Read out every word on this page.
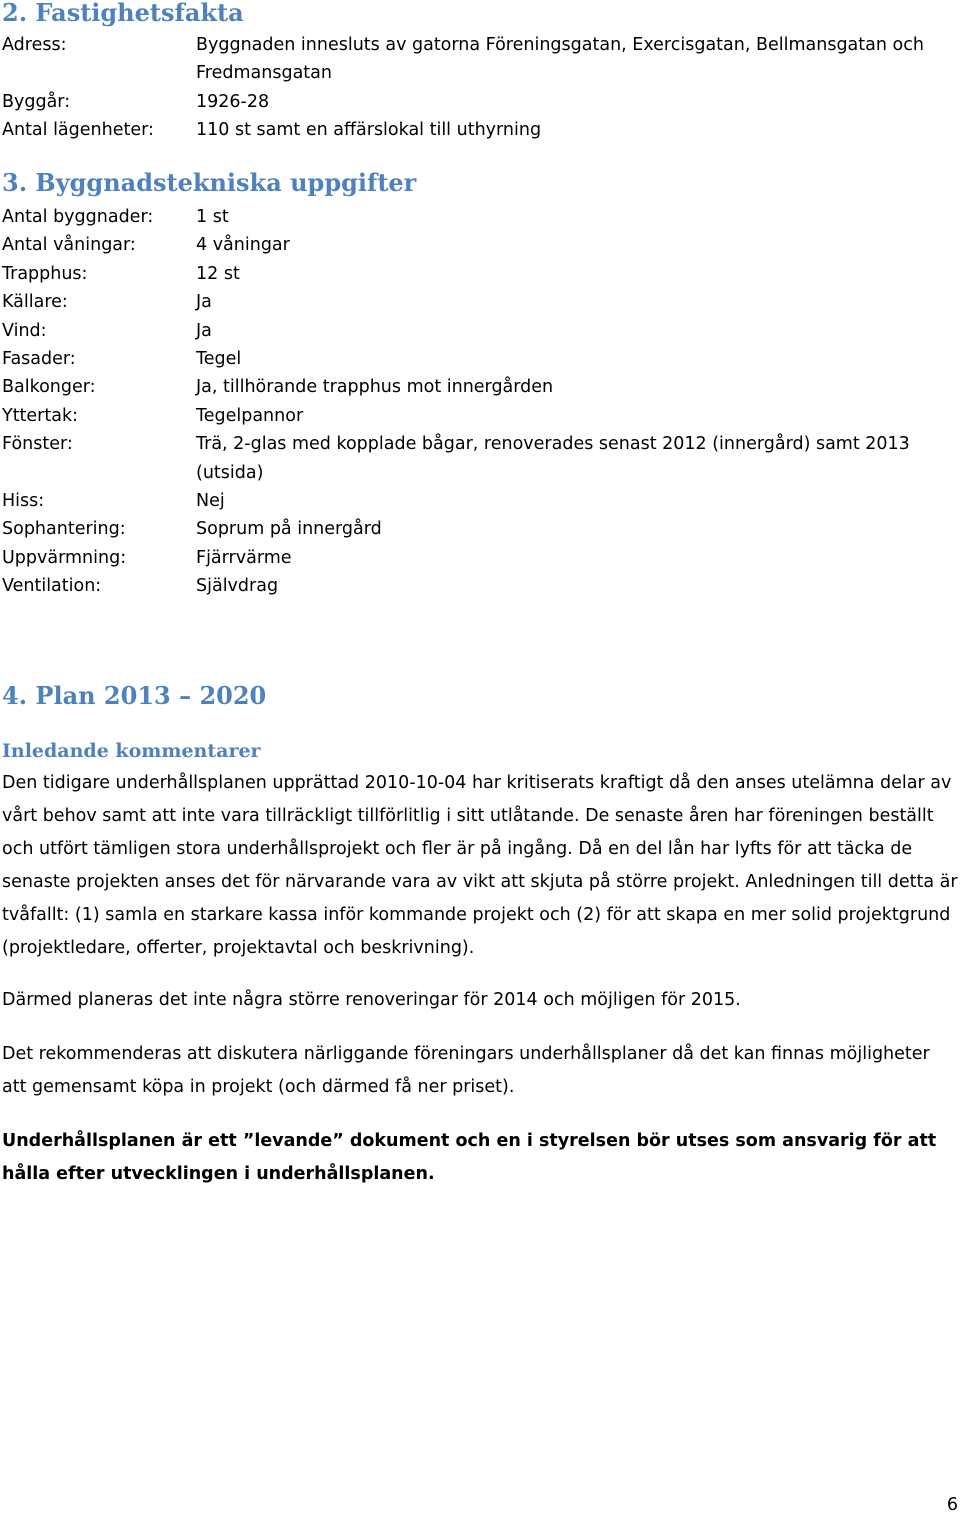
2. Fastighetsfakta
Adress:	Byggnaden innesluts av gatorna Föreningsgatan, Exercisgatan, Bellmansgatan och Fredmansgatan
Byggår:	1926-28
Antal lägenheter:	110 st samt en affärslokal till uthyrning
3. Byggnadstekniska uppgifter
Antal byggnader:	1 st
Antal våningar:	4 våningar
Trapphus:	12 st
Källare:	Ja
Vind:	Ja
Fasader:	Tegel
Balkonger:	Ja, tillhörande trapphus mot innergården
Yttertak:	Tegelpannor
Fönster:	Trä, 2-glas med kopplade bågar, renoverades senast 2012 (innergård) samt 2013 (utsida)
Hiss:	Nej
Sophantering:	Soprum på innergård
Uppvärmning:	Fjärrvärme
Ventilation:	Självdrag
4. Plan 2013 – 2020
Inledande kommentarer

Den tidigare underhållsplanen upprättad 2010-10-04 har kritiserats kraftigt då den anses utelämna delar av vårt behov samt att inte vara tillräckligt tillförlitlig i sitt utlåtande. De senaste åren har föreningen beställt och utfört tämligen stora underhållsprojekt och fler är på ingång. Då en del lån har lyfts för att täcka de senaste projekten anses det för närvarande vara av vikt att skjuta på större projekt. Anledningen till detta är tvåfallt: (1) samla en starkare kassa inför kommande projekt och (2) för att skapa en mer solid projektgrund (projektledare, offerter, projektavtal och beskrivning).

Därmed planeras det inte några större renoveringar för 2014 och möjligen för 2015.

Det rekommenderas att diskutera närliggande föreningars underhållsplaner då det kan finnas möjligheter att gemensamt köpa in projekt (och därmed få ner priset).

Underhållsplanen är ett ”levande” dokument och en i styrelsen bör utses som ansvarig för att hålla efter utvecklingen i underhållsplanen.

6
